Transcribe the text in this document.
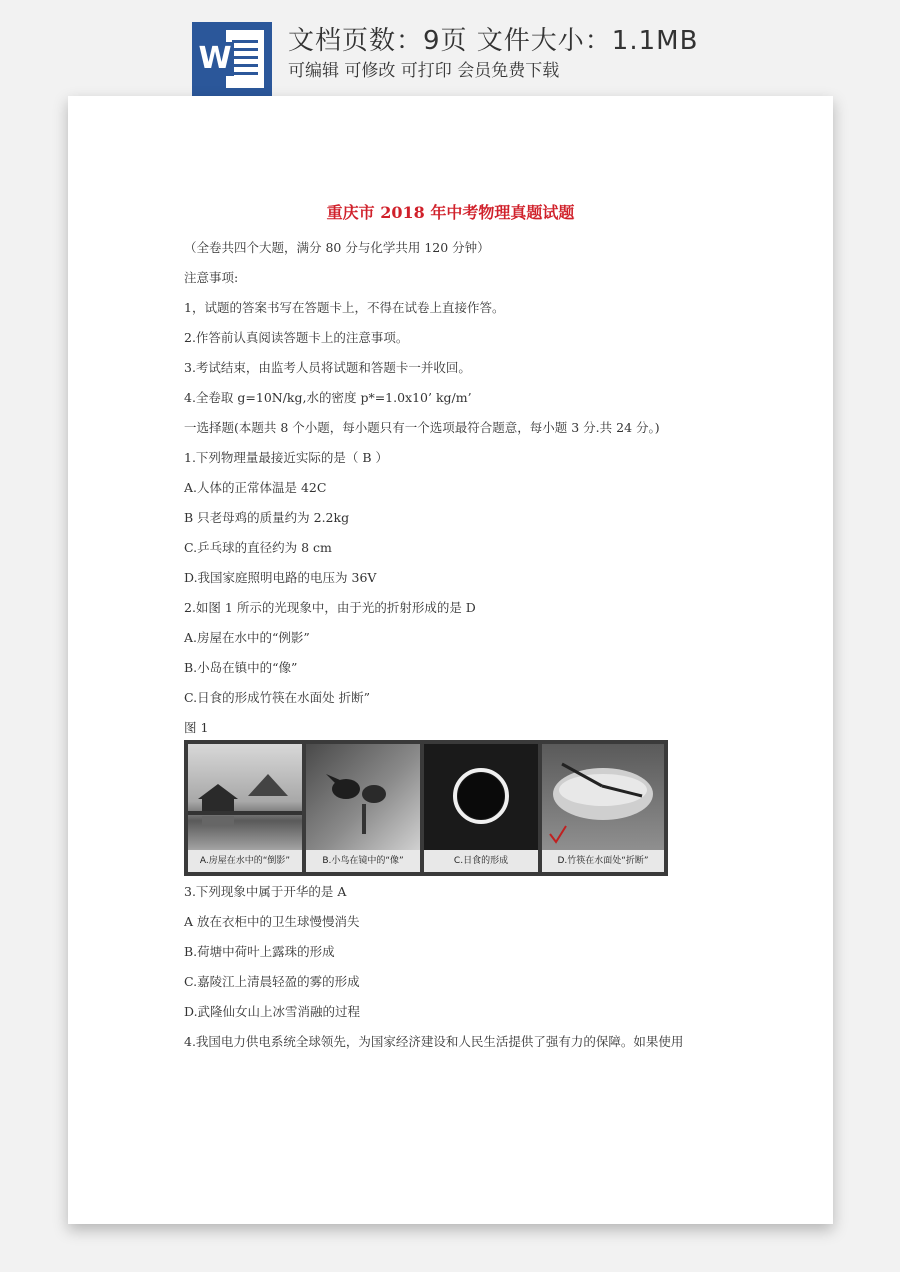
W 文档页数：9页 文件大小：1.1MB
可编辑 可修改 可打印 会员免费下载
重庆市 2018 年中考物理真题试题
（全卷共四个大题，满分 80 分与化学共用 120 分钟）
注意事项:
1，试题的答案书写在答题卡上，不得在试卷上直接作答。
2.作答前认真阅读答题卡上的注意事项。
3.考试结束，由监考人员将试题和答题卡一并收回。
4.全卷取 g=10N/kg,水的密度 p*=1.0x10’ kg/m’
一选择题(本题共 8 个小题，每小题只有一个选项最符合题意，每小题 3 分.共 24 分。)
1.下列物理量最接近实际的是（ B ）
A.人体的正常体温是 42C
B 只老母鸡的质量约为 2.2kg
C.乒乓球的直径约为 8 cm
D.我国家庭照明电路的电压为 36V
2.如图 1 所示的光现象中，由于光的折射形成的是 D
A.房屋在水中的“例影”
B.小岛在镇中的“像”
C.日食的形成竹筷在水面处 折断”
图 1
A.房屋在水中的“倒影”	B.小鸟在镜中的“像”	C.日食的形成	D.竹筷在水面处“折断”
3.下列现象中属于开华的是 A
A 放在衣柜中的卫生球慢慢消失
B.荷塘中荷叶上露珠的形成
C.嘉陵江上清晨轻盈的雾的形成
D.武隆仙女山上冰雪消融的过程
4.我国电力供电系统全球领先，为国家经济建设和人民生活提供了强有力的保障。如果使用
